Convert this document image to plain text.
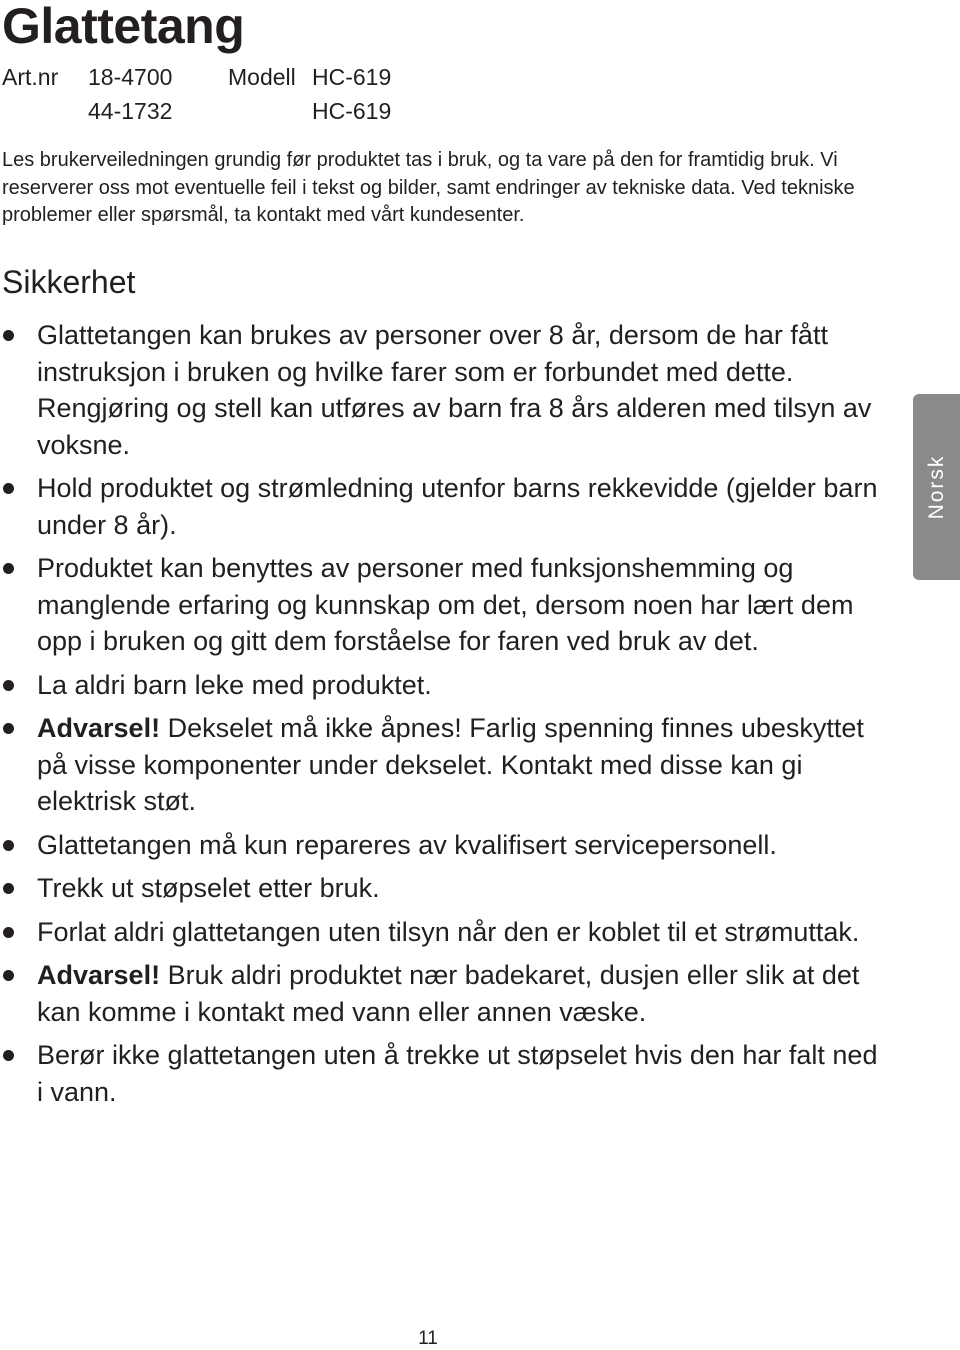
Glattetang
Art.nr 18-4700 Modell HC-619
44-1732	HC-619

Les brukerveiledningen grundig før produktet tas i bruk, og ta vare på den for framtidig bruk. Vi reserverer oss mot eventuelle feil i tekst og bilder, samt endringer av tekniske data. Ved tekniske problemer eller spørsmål, ta kontakt med vårt kundesenter.

Sikkerhet
Glattetangen kan brukes av personer over 8 år, dersom de har fått instruksjon i bruken og hvilke farer som er forbundet med dette. Rengjøring og stell kan utføres av barn fra 8 års alderen med tilsyn av voksne.
Hold produktet og strømledning utenfor barns rekkevidde (gjelder barn under 8 år).
Produktet kan benyttes av personer med funksjonshemming og manglende erfaring og kunnskap om det, dersom noen har lært dem opp i bruken og gitt dem forståelse for faren ved bruk av det.
La aldri barn leke med produktet.
Advarsel! Dekselet må ikke åpnes! Farlig spenning finnes ubeskyttet på visse komponenter under dekselet. Kontakt med disse kan gi elektrisk støt.
Glattetangen må kun repareres av kvalifisert servicepersonell.
Trekk ut støpselet etter bruk.
Forlat aldri glattetangen uten tilsyn når den er koblet til et strømuttak.
Advarsel! Bruk aldri produktet nær badekaret, dusjen eller slik at det kan komme i kontakt med vann eller annen væske.
Berør ikke glattetangen uten å trekke ut støpselet hvis den har falt ned i vann.
Norsk
11
